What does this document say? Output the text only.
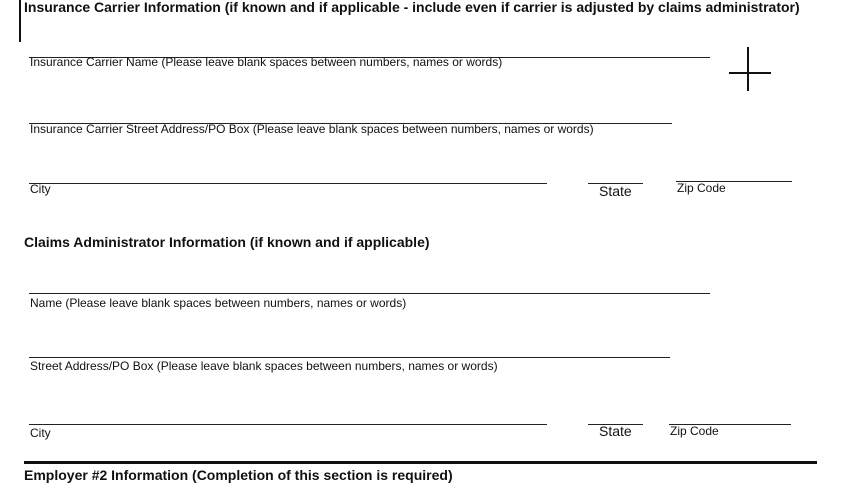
Insurance Carrier Information (if known and if applicable - include even if carrier is adjusted by claims administrator)
Insurance Carrier Name (Please leave blank spaces between numbers, names or words)
Insurance Carrier Street Address/PO Box (Please leave blank spaces between numbers, names or words)
City	State	Zip Code
Claims Administrator Information (if known and if applicable)
Name (Please leave blank spaces between numbers, names or words)
Street Address/PO Box (Please leave blank spaces between numbers, names or words)
City	State	Zip Code
Employer #2 Information (Completion of this section is required)
